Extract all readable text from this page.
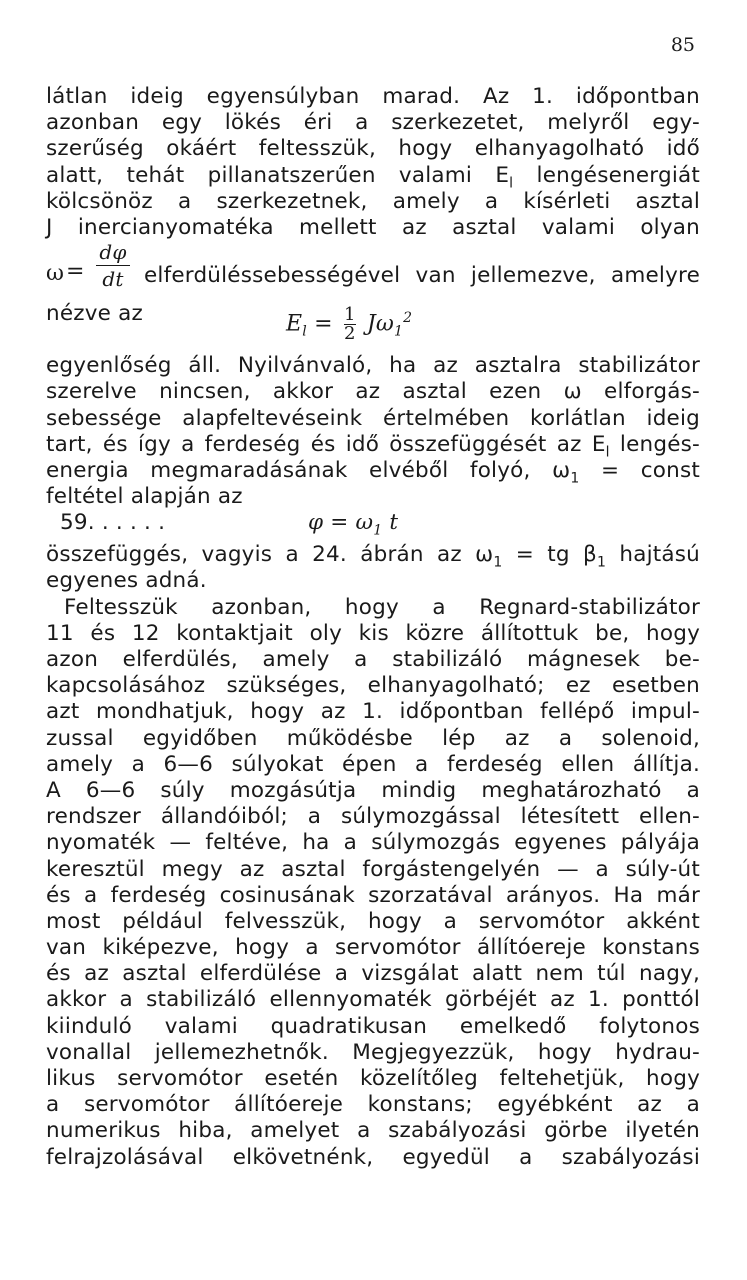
85
látlan ideig egyensúlyban marad. Az 1. időpontban
azonban egy lökés éri a szerkezetet, melyről egy-
szerűség okáért feltesszük, hogy elhanyagolható idő
alatt, tehát pillanatszerűen valami $E_l$ lengésenergiát
kölcsönöz a szerkezetnek, amely a kísérleti asztal
J inercianyomatéka mellett az asztal valami olyan
ω =
dφ
dt elferdüléssebességével van jellemezve, amelyre
nézve az	$E_l = \frac{1}{2} J\omega_1^2$
egyenlőség áll. Nyilvánvaló, ha az asztalra stabilizátor
szerelve nincsen, akkor az asztal ezen ω elforgás-
sebessége alapfeltevéseink értelmében korlátlan ideig
tart, és így a ferdeség és idő összefüggését az $E_l$ lengés-
energia megmaradásának elvéből folyó, $\omega_1$ = const
feltétel alapján az
59. . . . . .	$\varphi = \omega_1$ t
összefüggés, vagyis a 24. ábrán az $\omega_1$ = tg $\beta_1$ hajtású
egyenes adná.
Feltesszük azonban, hogy a Regnard-stabilizátor
11 és 12 kontaktjait oly kis közre állítottuk be, hogy
azon elferdülés, amely a stabilizáló mágnesek be-
kapcsolásához szükséges, elhanyagolható; ez esetben
azt mondhatjuk, hogy az 1. időpontban fellépő impul-
zussal egyidőben működésbe lép az a solenoid,
amely a 6—6 súlyokat épen a ferdeség ellen állítja.
A 6—6 súly mozgásútja mindig meghatározható a
rendszer állandóiból; a súlymozgással létesített ellen-
nyomaték — feltéve, ha a súlymozgás egyenes pályája
keresztül megy az asztal forgástengelyén — a súly-út
és a ferdeség cosinusának szorzatával arányos. Ha már
most például felvesszük, hogy a servomótor akként
van kiképezve, hogy a servomótor állítóereje konstans
és az asztal elferdülése a vizsgálat alatt nem túl nagy,
akkor a stabilizáló ellennyomaték görbéjét az 1. ponttól
kiinduló valami quadratikusan emelkedő folytonos
vonallal jellemezhetnők. Megjegyezzük, hogy hydrau-
likus servomótor esetén közelítőleg feltehetjük, hogy
a servomótor állítóereje konstans; egyébként az a
numerikus hiba, amelyet a szabályozási görbe ilyetén
felrajzolásával elkövetnénk, egyedül a szabályozási
